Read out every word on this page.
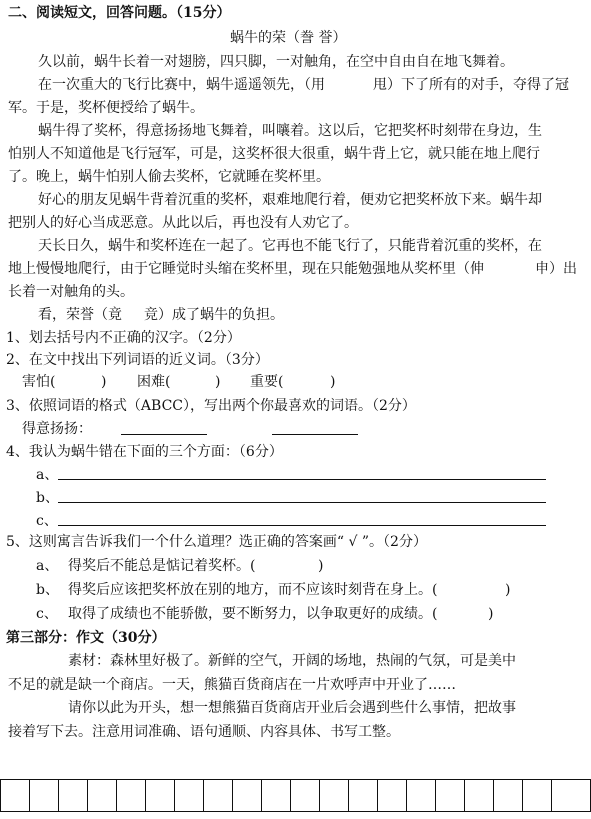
二、阅读短文，回答问题。（15分）
蜗牛的荣（誊 誉）
久以前，蜗牛长着一对翅膀，四只脚，一对触角，在空中自由自在地飞舞着。
在一次重大的飞行比赛中，蜗牛遥遥领先，（用	甩）下了所有的对手，夺得了冠
军。于是，奖杯便授给了蜗牛。
蜗牛得了奖杯，得意扬扬地飞舞着，叫嚷着。这以后，它把奖杯时刻带在身边，生
怕别人不知道他是飞行冠军，可是，这奖杯很大很重，蜗牛背上它，就只能在地上爬行
了。晚上，蜗牛怕别人偷去奖杯，它就睡在奖杯里。
好心的朋友见蜗牛背着沉重的奖杯，艰难地爬行着，便劝它把奖杯放下来。蜗牛却
把别人的好心当成恶意。从此以后，再也没有人劝它了。
天长日久，蜗牛和奖杯连在一起了。它再也不能飞行了，只能背着沉重的奖杯，在
地上慢慢地爬行，由于它睡觉时头缩在奖杯里，现在只能勉强地从奖杯里（伸	申）出
长着一对触角的头。
看，荣誉（竟 竞）成了蜗牛的负担。
1、划去括号内不正确的汉字。（2分）
2、在文中找出下列词语的近义词。（3分）
害怕(	) 困难(	) 重要(	)
3、依照词语的格式（ABCC），写出两个你最喜欢的词语。（2分）
得意扬扬：
4、我认为蜗牛错在下面的三个方面：（6分）
a、
b、
c、
5、这则寓言告诉我们一个什么道理？选正确的答案画“ √ ”。（2分）
a、 得奖后不能总是惦记着奖杯。(	)
b、 得奖后应该把奖杯放在别的地方，而不应该时刻背在身上。(	)
c、 取得了成绩也不能骄傲，要不断努力，以争取更好的成绩。(	)
第三部分：作文（30分）
素材：森林里好极了。新鲜的空气，开阔的场地，热闹的气氛，可是美中
不足的就是缺一个商店。一天，熊猫百货商店在一片欢呼声中开业了……
请你以此为开头，想一想熊猫百货商店开业后会遇到些什么事情，把故事
接着写下去。注意用词准确、语句通顺、内容具体、书写工整。
